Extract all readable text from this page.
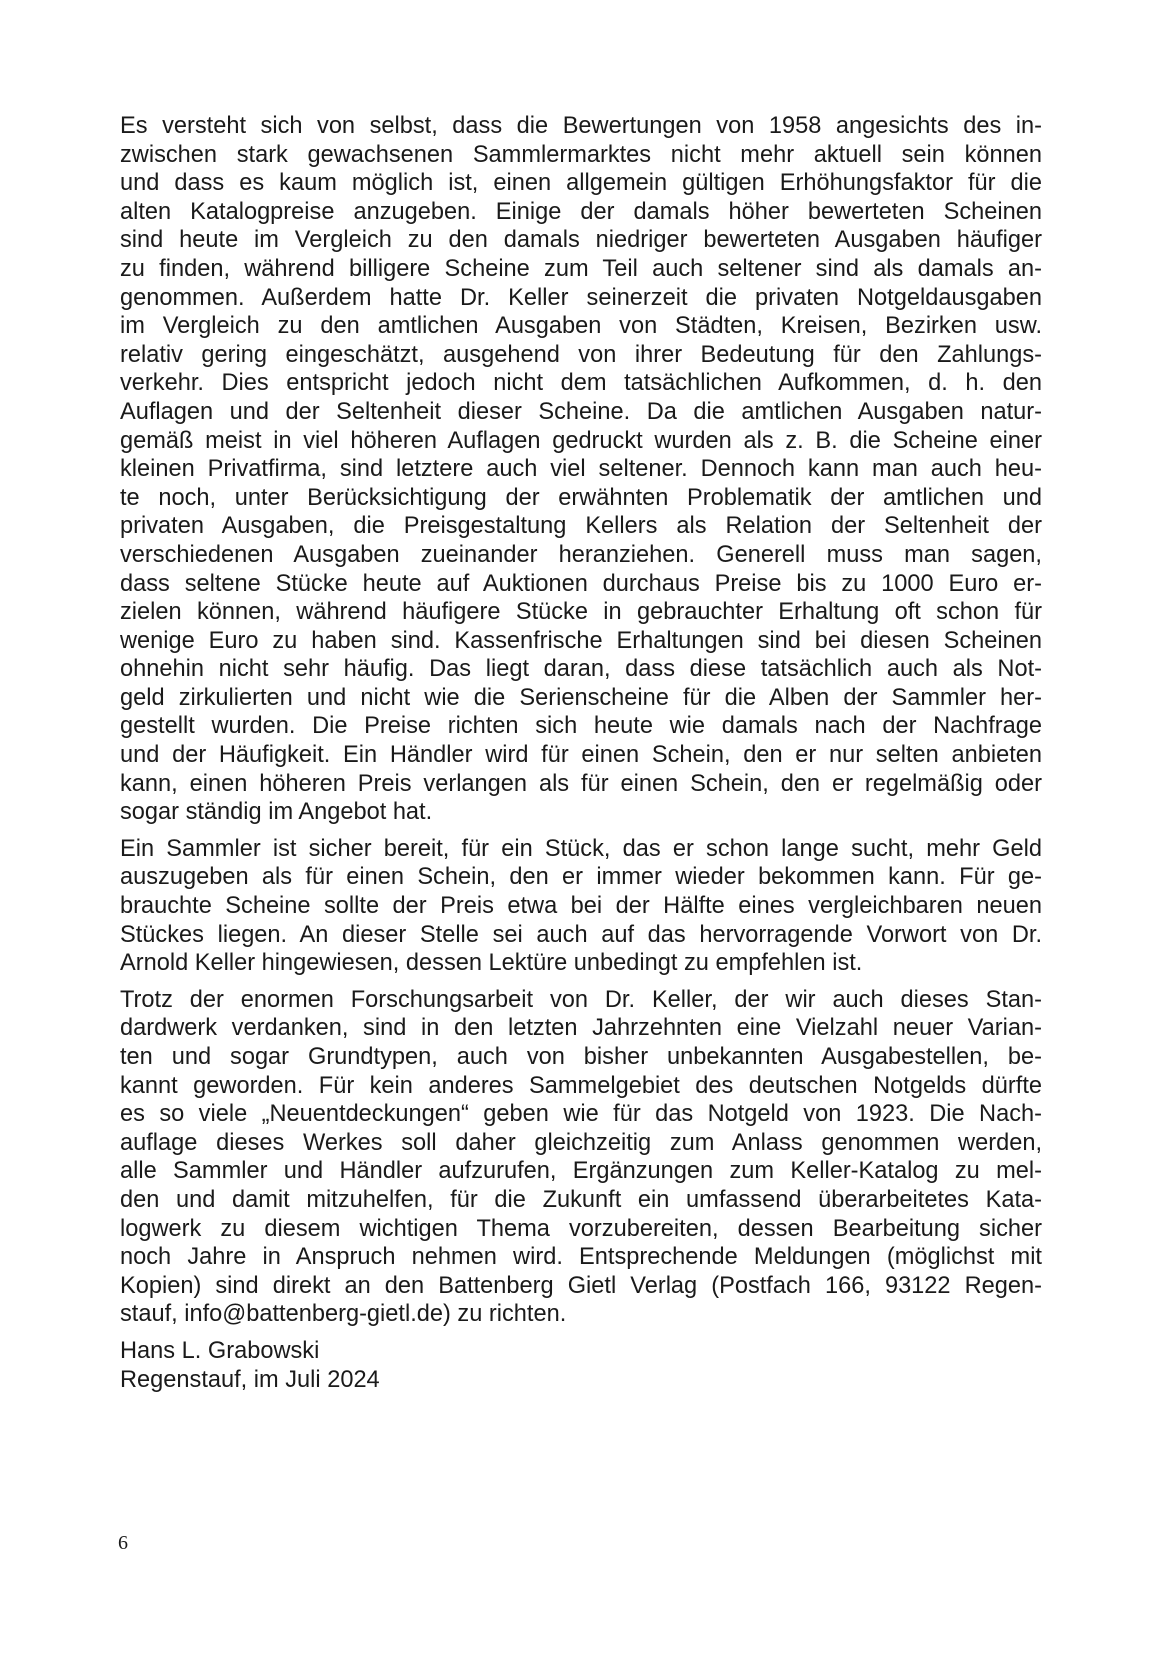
Es versteht sich von selbst, dass die Bewertungen von 1958 angesichts des in-
zwischen stark gewachsenen Sammlermarktes nicht mehr aktuell sein können
und dass es kaum möglich ist, einen allgemein gültigen Erhöhungsfaktor für die
alten Katalogpreise anzugeben. Einige der damals höher bewerteten Scheinen
sind heute im Vergleich zu den damals niedriger bewerteten Ausgaben häufiger
zu finden, während billigere Scheine zum Teil auch seltener sind als damals an-
genommen. Außerdem hatte Dr. Keller seinerzeit die privaten Notgeldausgaben
im Vergleich zu den amtlichen Ausgaben von Städten, Kreisen, Bezirken usw.
relativ gering eingeschätzt, ausgehend von ihrer Bedeutung für den Zahlungs-
verkehr. Dies entspricht jedoch nicht dem tatsächlichen Aufkommen, d. h. den
Auflagen und der Seltenheit dieser Scheine. Da die amtlichen Ausgaben natur-
gemäß meist in viel höheren Auflagen gedruckt wurden als z. B. die Scheine einer
kleinen Privatfirma, sind letztere auch viel seltener. Dennoch kann man auch heu-
te noch, unter Berücksichtigung der erwähnten Problematik der amtlichen und
privaten Ausgaben, die Preisgestaltung Kellers als Relation der Seltenheit der
verschiedenen Ausgaben zueinander heranziehen. Generell muss man sagen,
dass seltene Stücke heute auf Auktionen durchaus Preise bis zu 1000 Euro er-
zielen können, während häufigere Stücke in gebrauchter Erhaltung oft schon für
wenige Euro zu haben sind. Kassenfrische Erhaltungen sind bei diesen Scheinen
ohnehin nicht sehr häufig. Das liegt daran, dass diese tatsächlich auch als Not-
geld zirkulierten und nicht wie die Serienscheine für die Alben der Sammler her-
gestellt wurden. Die Preise richten sich heute wie damals nach der Nachfrage
und der Häufigkeit. Ein Händler wird für einen Schein, den er nur selten anbieten
kann, einen höheren Preis verlangen als für einen Schein, den er regelmäßig oder
sogar ständig im Angebot hat.

Ein Sammler ist sicher bereit, für ein Stück, das er schon lange sucht, mehr Geld
auszugeben als für einen Schein, den er immer wieder bekommen kann. Für ge-
brauchte Scheine sollte der Preis etwa bei der Hälfte eines vergleichbaren neuen
Stückes liegen. An dieser Stelle sei auch auf das hervorragende Vorwort von Dr.
Arnold Keller hingewiesen, dessen Lektüre unbedingt zu empfehlen ist.

Trotz der enormen Forschungsarbeit von Dr. Keller, der wir auch dieses Stan-
dardwerk verdanken, sind in den letzten Jahrzehnten eine Vielzahl neuer Varian-
ten und sogar Grundtypen, auch von bisher unbekannten Ausgabestellen, be-
kannt geworden. Für kein anderes Sammelgebiet des deutschen Notgelds dürfte
es so viele „Neuentdeckungen“ geben wie für das Notgeld von 1923. Die Nach-
auflage dieses Werkes soll daher gleichzeitig zum Anlass genommen werden,
alle Sammler und Händler aufzurufen, Ergänzungen zum Keller-Katalog zu mel-
den und damit mitzuhelfen, für die Zukunft ein umfassend überarbeitetes Kata-
logwerk zu diesem wichtigen Thema vorzubereiten, dessen Bearbeitung sicher
noch Jahre in Anspruch nehmen wird. Entsprechende Meldungen (möglichst mit
Kopien) sind direkt an den Battenberg Gietl Verlag (Postfach 166, 93122 Regen-
stauf, info@battenberg-gietl.de) zu richten.

Hans L. Grabowski
Regenstauf, im Juli 2024
6
